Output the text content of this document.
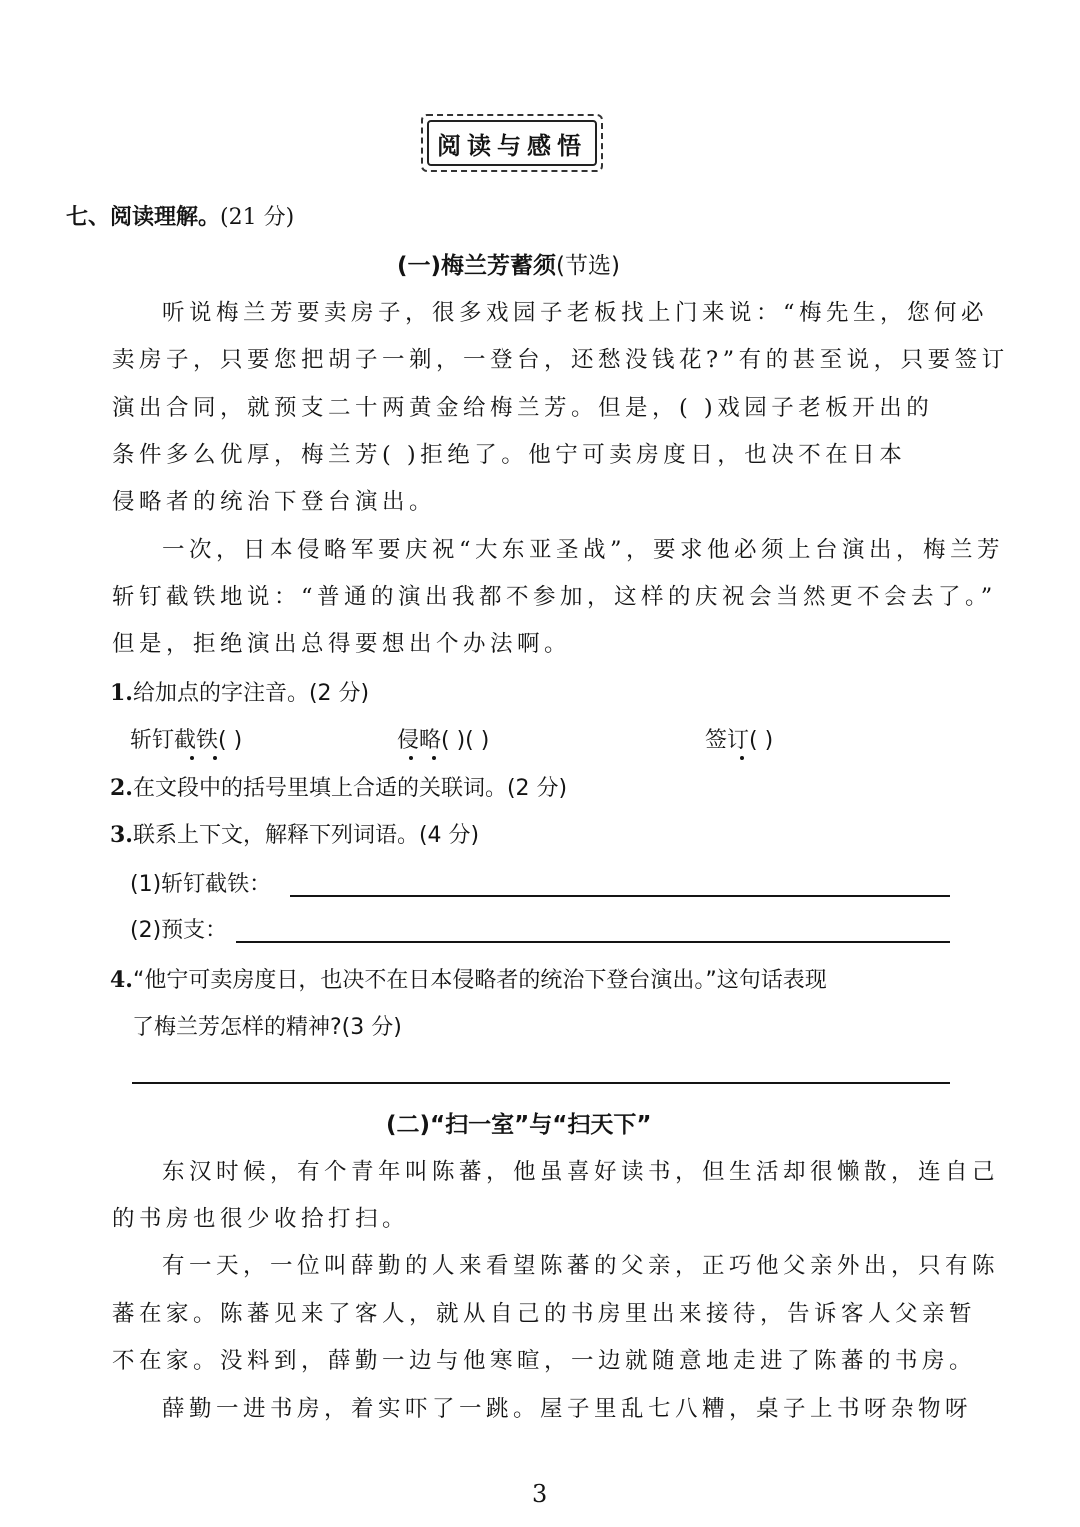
阅读与感悟
七、阅读理解。(21 分)
(一)梅兰芳蓄须(节选)
听说梅兰芳要卖房子，很多戏园子老板找上门来说：“梅先生，您何必
卖房子，只要您把胡子一剃，一登台，还愁没钱花?”有的甚至说，只要签订
演出合同，就预支二十两黄金给梅兰芳。但是，( )戏园子老板开出的
条件多么优厚，梅兰芳( )拒绝了。他宁可卖房度日，也决不在日本
侵略者的统治下登台演出。
一次，日本侵略军要庆祝“大东亚圣战”，要求他必须上台演出，梅兰芳
斩钉截铁地说：“普通的演出我都不参加，这样的庆祝会当然更不会去了。”
但是，拒绝演出总得要想出个办法啊。
1.给加点的字注音。(2 分)
斩钉截铁( )	侵略( )( )	签订( )
2.在文段中的括号里填上合适的关联词。(2 分)
3.联系上下文，解释下列词语。(4 分)
(1)斩钉截铁：
(2)预支：
4.“他宁可卖房度日，也决不在日本侵略者的统治下登台演出。”这句话表现
了梅兰芳怎样的精神?(3 分)
(二)“扫一室”与“扫天下”
东汉时候，有个青年叫陈蕃，他虽喜好读书，但生活却很懒散，连自己
的书房也很少收拾打扫。
有一天，一位叫薛勤的人来看望陈蕃的父亲，正巧他父亲外出，只有陈
蕃在家。陈蕃见来了客人，就从自己的书房里出来接待，告诉客人父亲暂
不在家。没料到，薛勤一边与他寒暄，一边就随意地走进了陈蕃的书房。
薛勤一进书房，着实吓了一跳。屋子里乱七八糟，桌子上书呀杂物呀
3
